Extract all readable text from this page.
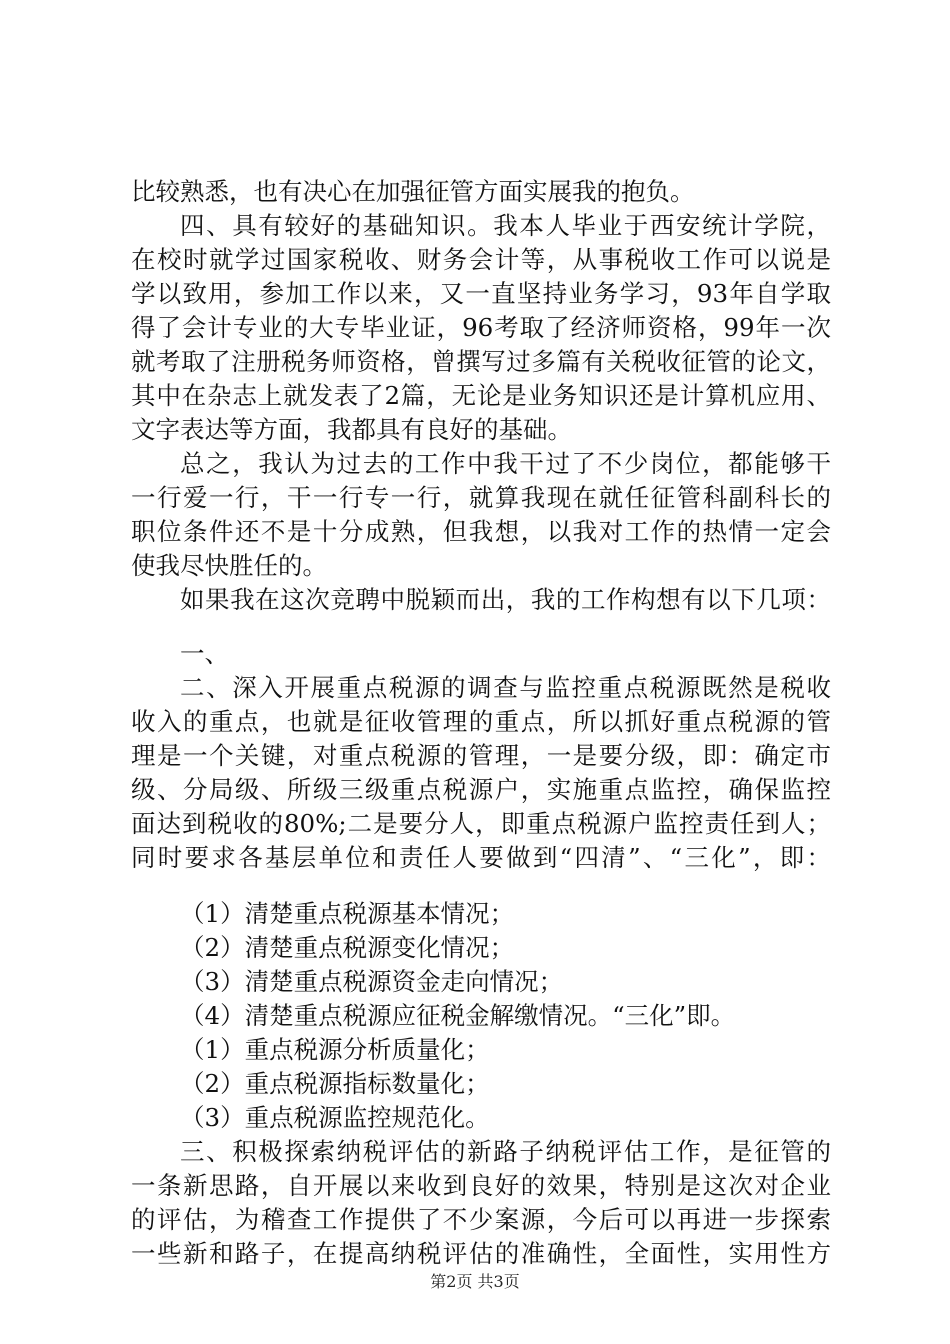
比较熟悉，也有决心在加强征管方面实展我的抱负。
四、具有较好的基础知识。我本人毕业于西安统计学院，
在校时就学过国家税收、财务会计等，从事税收工作可以说是
学以致用，参加工作以来，又一直坚持业务学习，93年自学取
得了会计专业的大专毕业证，96考取了经济师资格，99年一次
就考取了注册税务师资格，曾撰写过多篇有关税收征管的论文，
其中在杂志上就发表了2篇，无论是业务知识还是计算机应用、
文字表达等方面，我都具有良好的基础。
总之，我认为过去的工作中我干过了不少岗位，都能够干
一行爱一行，干一行专一行，就算我现在就任征管科副科长的
职位条件还不是十分成熟，但我想，以我对工作的热情一定会
使我尽快胜任的。
如果我在这次竞聘中脱颖而出，我的工作构想有以下几项：
一、
二、深入开展重点税源的调查与监控重点税源既然是税收
收入的重点，也就是征收管理的重点，所以抓好重点税源的管
理是一个关键，对重点税源的管理，一是要分级，即：确定市
级、分局级、所级三级重点税源户，实施重点监控，确保监控
面达到税收的80%;二是要分人，即重点税源户监控责任到人；
同时要求各基层单位和责任人要做到“四清”、“三化”，即：
（1）清楚重点税源基本情况；
（2）清楚重点税源变化情况；
（3）清楚重点税源资金走向情况；
（4）清楚重点税源应征税金解缴情况。“三化”即。
（1）重点税源分析质量化；
（2）重点税源指标数量化；
（3）重点税源监控规范化。
三、积极探索纳税评估的新路子纳税评估工作，是征管的
一条新思路，自开展以来收到良好的效果，特别是这次对企业
的评估，为稽查工作提供了不少案源，今后可以再进一步探索
一些新和路子，在提高纳税评估的准确性，全面性，实用性方
第2页 共3页
